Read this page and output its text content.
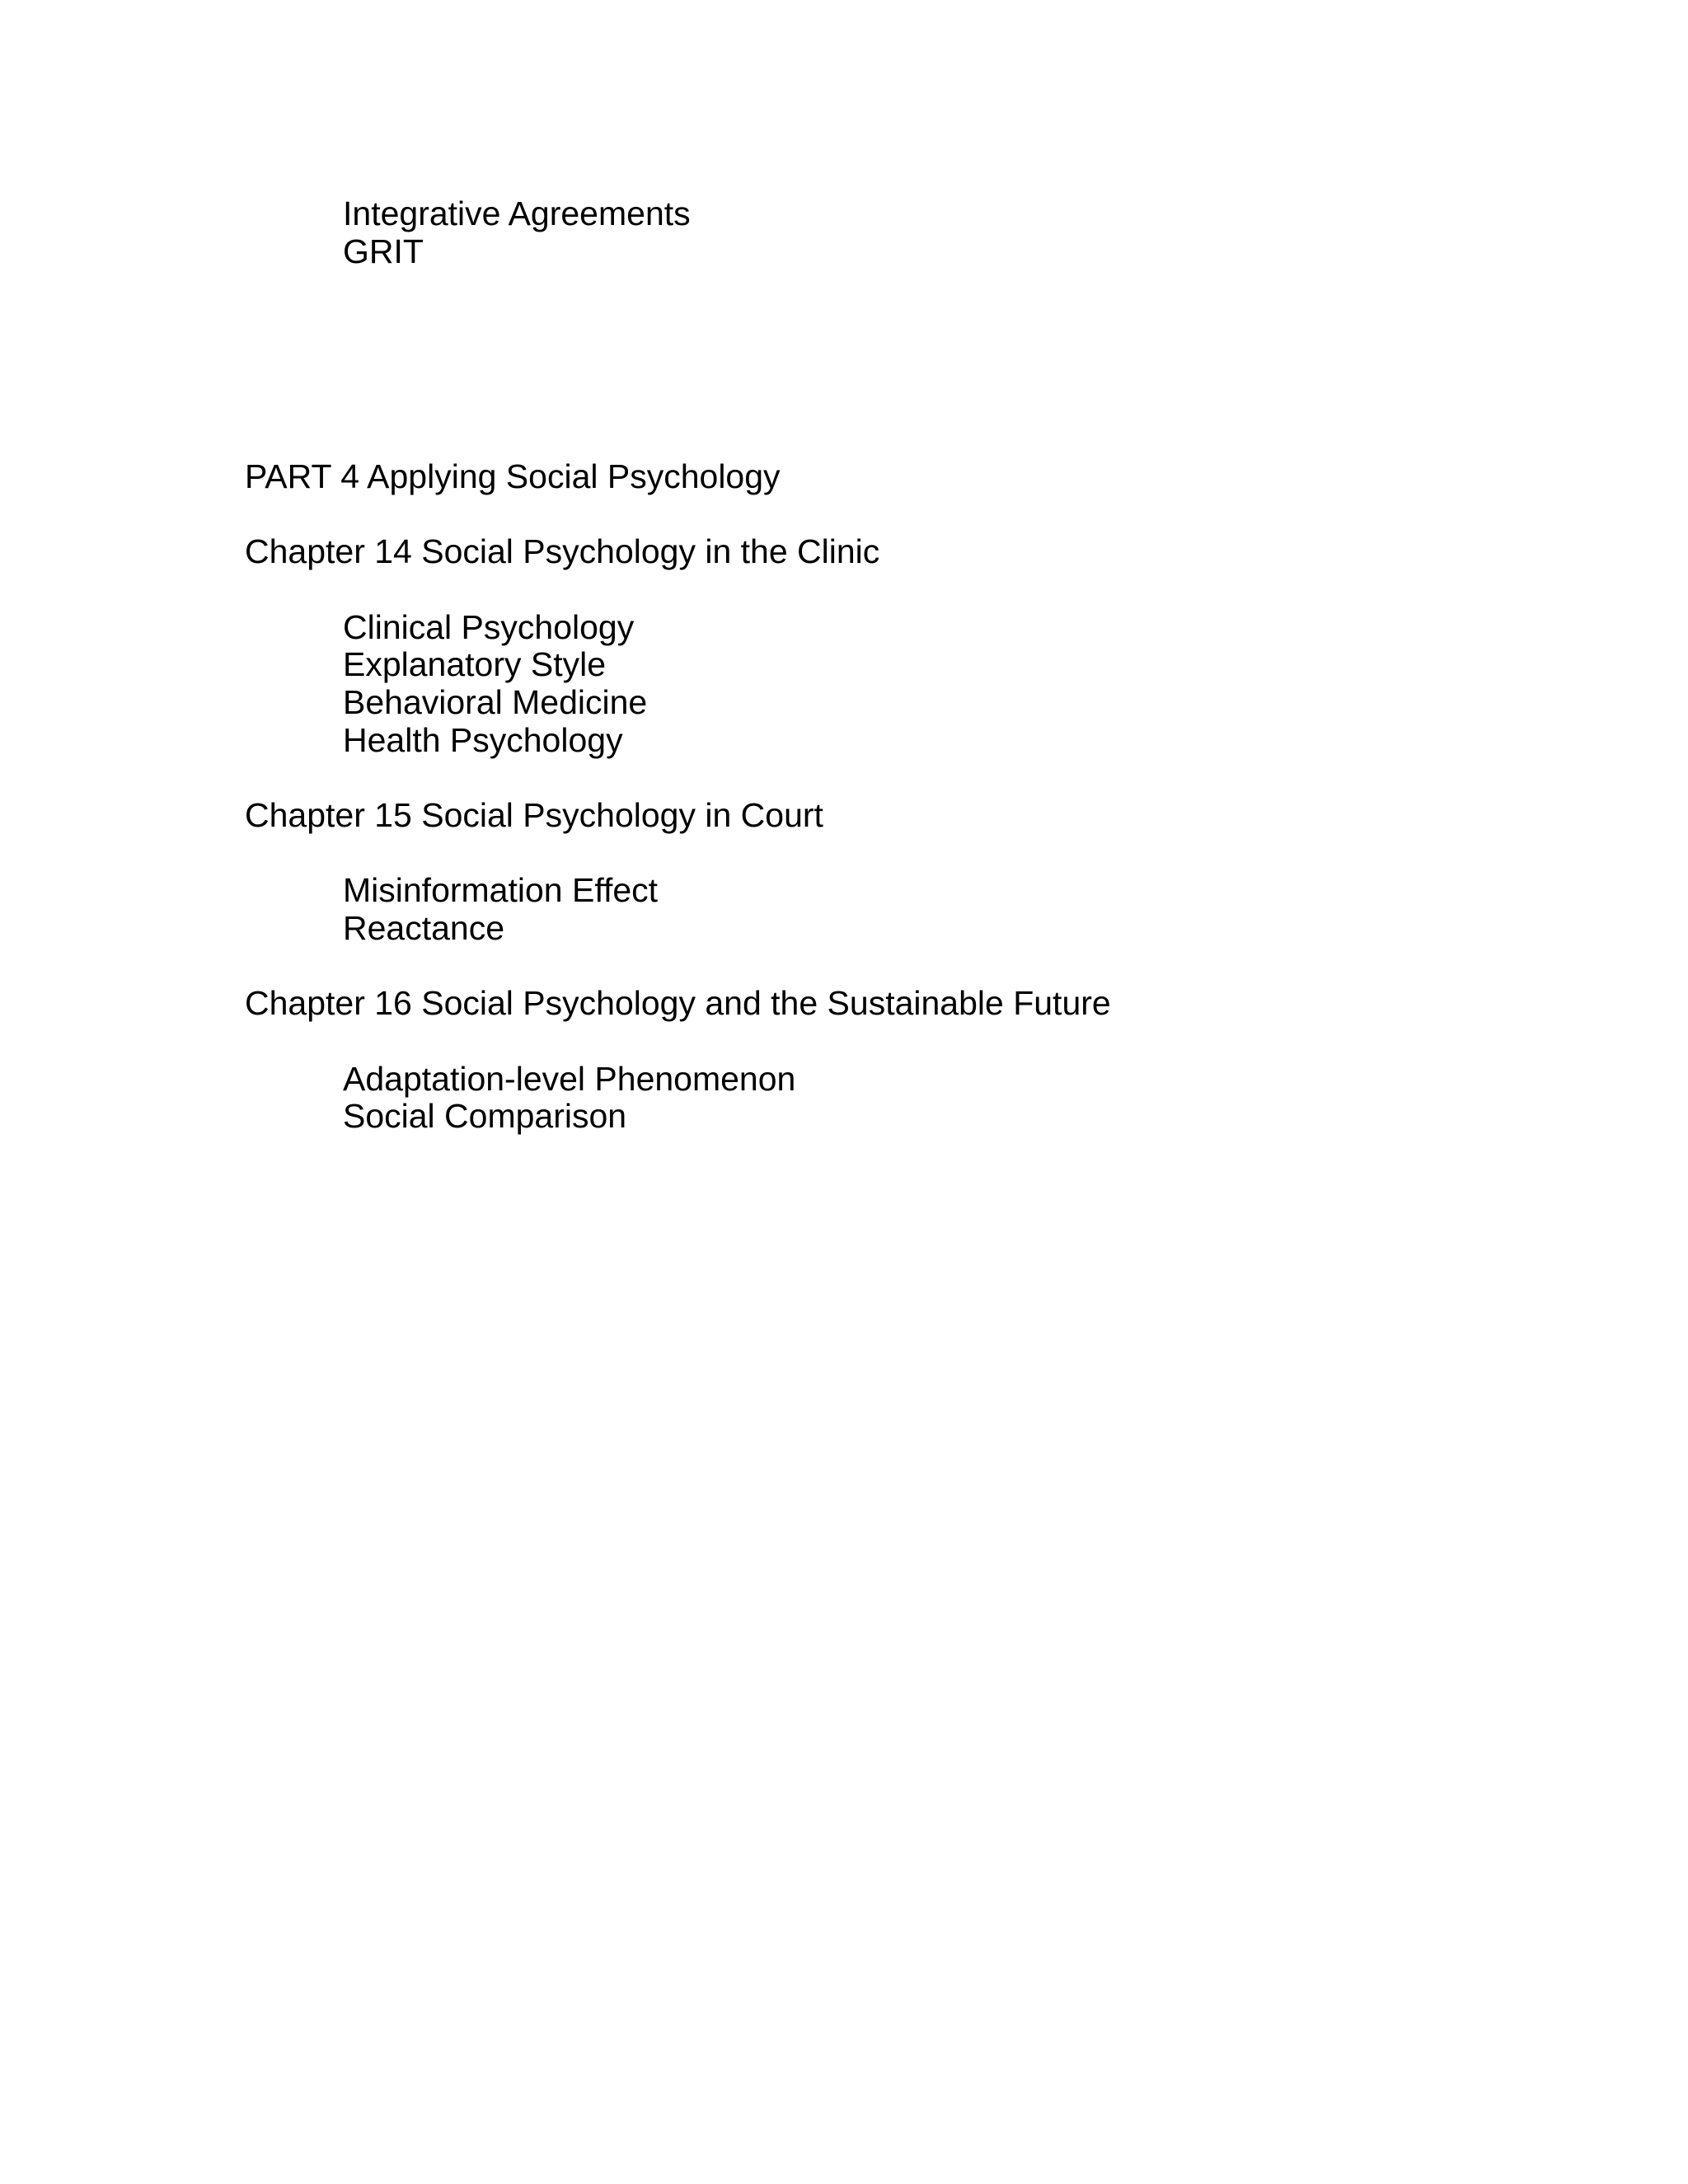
Integrative Agreements

GRIT

PART 4 Applying Social Psychology

Chapter 14 Social Psychology in the Clinic

Clinical Psychology

Explanatory Style

Behavioral Medicine

Health Psychology

Chapter 15 Social Psychology in Court

Misinformation Effect

Reactance

Chapter 16 Social Psychology and the Sustainable Future

Adaptation-level Phenomenon

Social Comparison
